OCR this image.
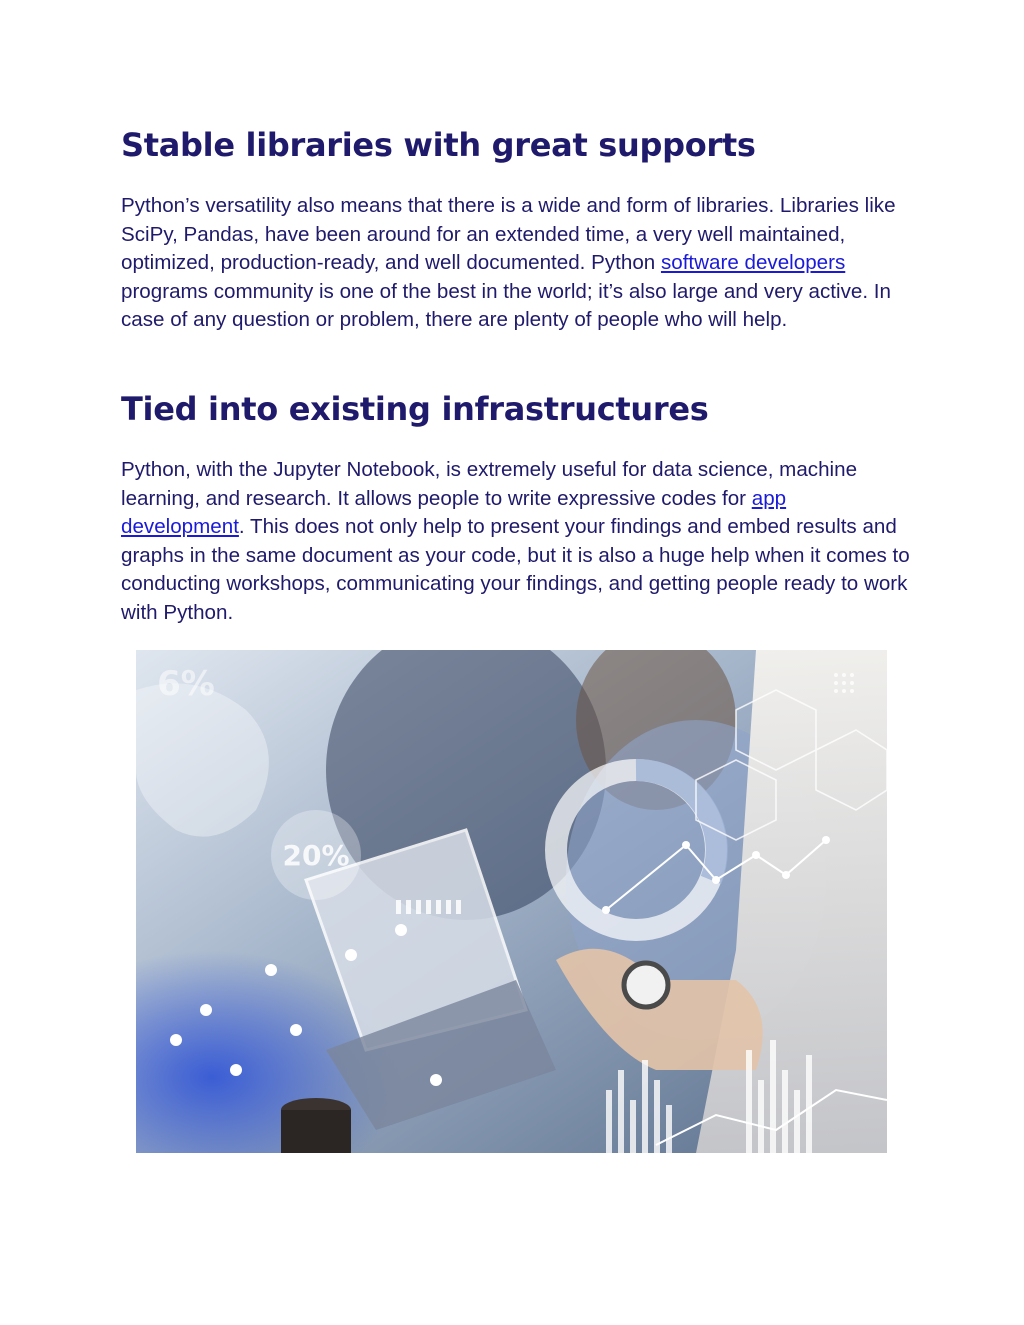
Stable libraries with great supports

Python’s versatility also means that there is a wide and form of libraries. Libraries like SciPy, Pandas, have been around for an extended time, a very well maintained, optimized, production-ready, and well documented. Python software developers programs community is one of the best in the world; it’s also large and very active. In case of any question or problem, there are plenty of people who will help.

Tied into existing infrastructures

Python, with the Jupyter Notebook, is extremely useful for data science, machine learning, and research. It allows people to write expressive codes for app development. This does not only help to present your findings and embed results and graphs in the same document as your code, but it is also a huge help when it comes to conducting workshops, communicating your findings, and getting people ready to work with Python.

20%
6%
